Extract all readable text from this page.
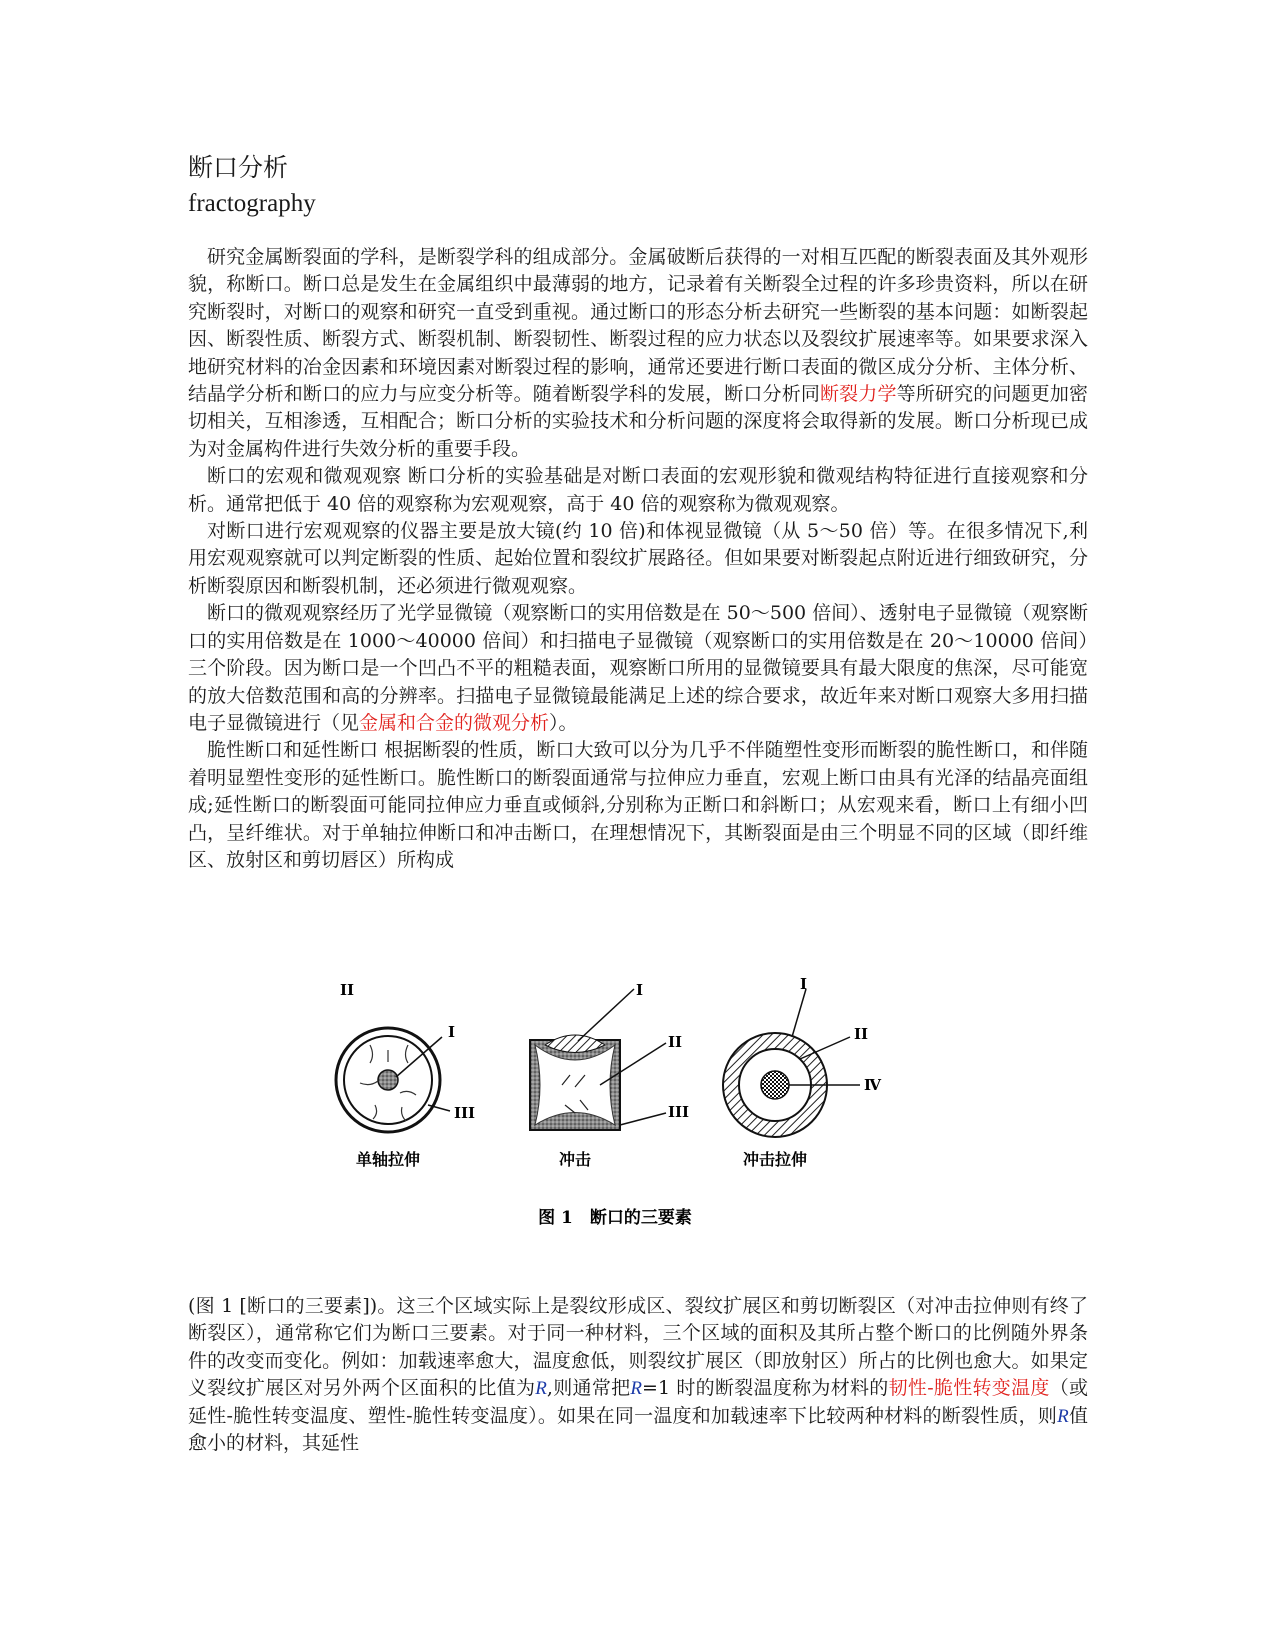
断口分析
fractography

研究金属断裂面的学科，是断裂学科的组成部分。金属破断后获得的一对相互匹配的断裂表面及其外观形貌，称断口。断口总是发生在金属组织中最薄弱的地方，记录着有关断裂全过程的许多珍贵资料，所以在研究断裂时，对断口的观察和研究一直受到重视。通过断口的形态分析去研究一些断裂的基本问题：如断裂起因、断裂性质、断裂方式、断裂机制、断裂韧性、断裂过程的应力状态以及裂纹扩展速率等。如果要求深入地研究材料的冶金因素和环境因素对断裂过程的影响，通常还要进行断口表面的微区成分分析、主体分析、结晶学分析和断口的应力与应变分析等。随着断裂学科的发展，断口分析同断裂力学等所研究的问题更加密切相关，互相渗透，互相配合；断口分析的实验技术和分析问题的深度将会取得新的发展。断口分析现已成为对金属构件进行失效分析的重要手段。

断口的宏观和微观观察 断口分析的实验基础是对断口表面的宏观形貌和微观结构特征进行直接观察和分析。通常把低于 40 倍的观察称为宏观观察，高于 40 倍的观察称为微观观察。

对断口进行宏观观察的仪器主要是放大镜(约 10 倍)和体视显微镜（从 5～50 倍）等。在很多情况下,利用宏观观察就可以判定断裂的性质、起始位置和裂纹扩展路径。但如果要对断裂起点附近进行细致研究，分析断裂原因和断裂机制，还必须进行微观观察。

断口的微观观察经历了光学显微镜（观察断口的实用倍数是在 50～500 倍间）、透射电子显微镜（观察断口的实用倍数是在 1000～40000 倍间）和扫描电子显微镜（观察断口的实用倍数是在 20～10000 倍间）三个阶段。因为断口是一个凹凸不平的粗糙表面，观察断口所用的显微镜要具有最大限度的焦深，尽可能宽的放大倍数范围和高的分辨率。扫描电子显微镜最能满足上述的综合要求，故近年来对断口观察大多用扫描电子显微镜进行（见金属和合金的微观分析）。

脆性断口和延性断口 根据断裂的性质，断口大致可以分为几乎不伴随塑性变形而断裂的脆性断口，和伴随着明显塑性变形的延性断口。脆性断口的断裂面通常与拉伸应力垂直，宏观上断口由具有光泽的结晶亮面组成;延性断口的断裂面可能同拉伸应力垂直或倾斜,分别称为正断口和斜断口；从宏观来看，断口上有细小凹凸，呈纤维状。对于单轴拉伸断口和冲击断口，在理想情况下，其断裂面是由三个明显不同的区域（即纤维区、放射区和剪切唇区）所构成

II
I
III
I
II
III
I
II
Ⅳ
单轴拉伸	冲击	冲击拉伸
图 1　断口的三要素

(图 1 [断口的三要素])。这三个区域实际上是裂纹形成区、裂纹扩展区和剪切断裂区（对冲击拉伸则有终了断裂区），通常称它们为断口三要素。对于同一种材料，三个区域的面积及其所占整个断口的比例随外界条件的改变而变化。例如：加载速率愈大，温度愈低，则裂纹扩展区（即放射区）所占的比例也愈大。如果定义裂纹扩展区对另外两个区面积的比值为R,则通常把R=1 时的断裂温度称为材料的韧性-脆性转变温度（或延性-脆性转变温度、塑性-脆性转变温度）。如果在同一温度和加载速率下比较两种材料的断裂性质，则R值愈小的材料，其延性
